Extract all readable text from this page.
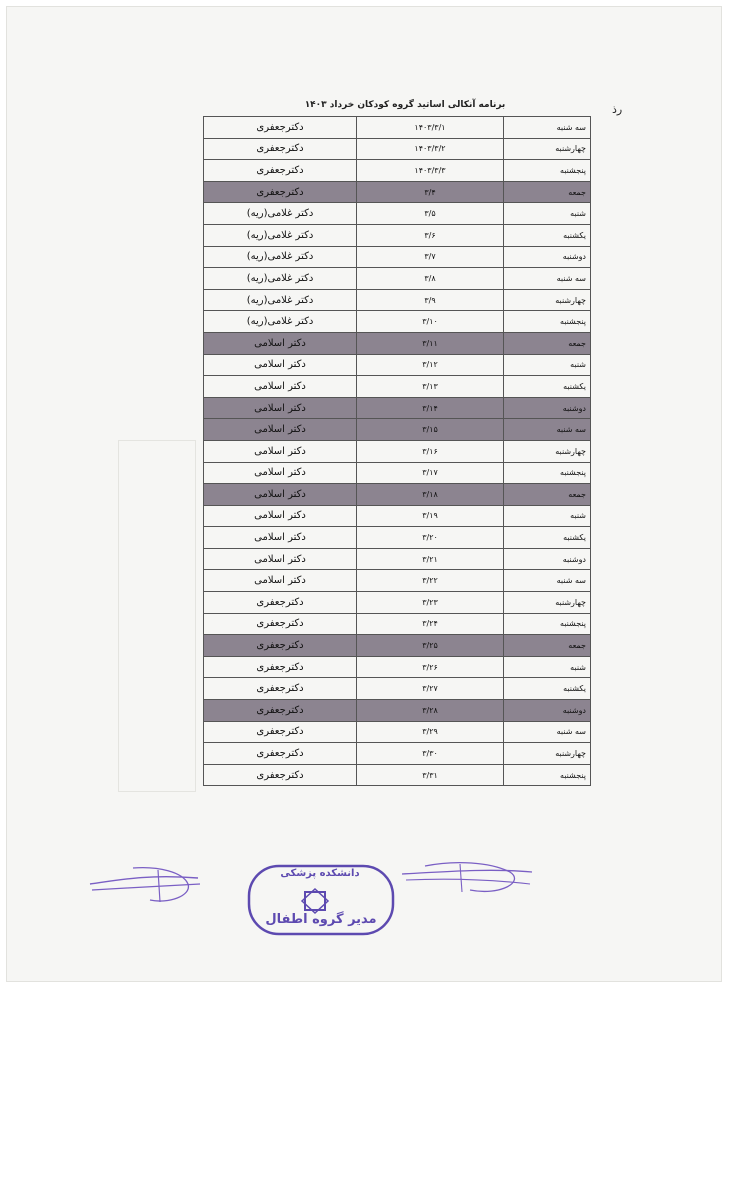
رذ
برنامه آنکالی اساتید گروه کودکان خرداد ۱۴۰۳
سه شنبه	۱۴۰۳/۳/۱	دکترجعفری
چهارشنبه	۱۴۰۳/۳/۲	دکترجعفری
پنجشنبه	۱۴۰۳/۳/۳	دکترجعفری
جمعه	۳/۴	دکترجعفری
شنبه	۳/۵	دکتر غلامی(ریه)
یکشنبه	۳/۶	دکتر غلامی(ریه)
دوشنبه	۳/۷	دکتر غلامی(ریه)
سه شنبه	۳/۸	دکتر غلامی(ریه)
چهارشنبه	۳/۹	دکتر غلامی(ریه)
پنجشنبه	۳/۱۰	دکتر غلامی(ریه)
جمعه	۳/۱۱	دکتر اسلامی
شنبه	۳/۱۲	دکتر اسلامی
یکشنبه	۳/۱۳	دکتر اسلامی
دوشنبه	۳/۱۴	دکتر اسلامی
سه شنبه	۳/۱۵	دکتر اسلامی
چهارشنبه	۳/۱۶	دکتر اسلامی
پنجشنبه	۳/۱۷	دکتر اسلامی
جمعه	۳/۱۸	دکتر اسلامی
شنبه	۳/۱۹	دکتر اسلامی
یکشنبه	۳/۲۰	دکتر اسلامی
دوشنبه	۳/۲۱	دکتر اسلامی
سه شنبه	۳/۲۲	دکتر اسلامی
چهارشنبه	۳/۲۳	دکترجعفری
پنجشنبه	۳/۲۴	دکترجعفری
جمعه	۳/۲۵	دکترجعفری
شنبه	۳/۲۶	دکترجعفری
یکشنبه	۳/۲۷	دکترجعفری
دوشنبه	۳/۲۸	دکترجعفری
سه شنبه	۳/۲۹	دکترجعفری
چهارشنبه	۳/۳۰	دکترجعفری
پنجشنبه	۳/۳۱	دکترجعفری
دانشکده پزشکی
مدیر گروه اطفال
